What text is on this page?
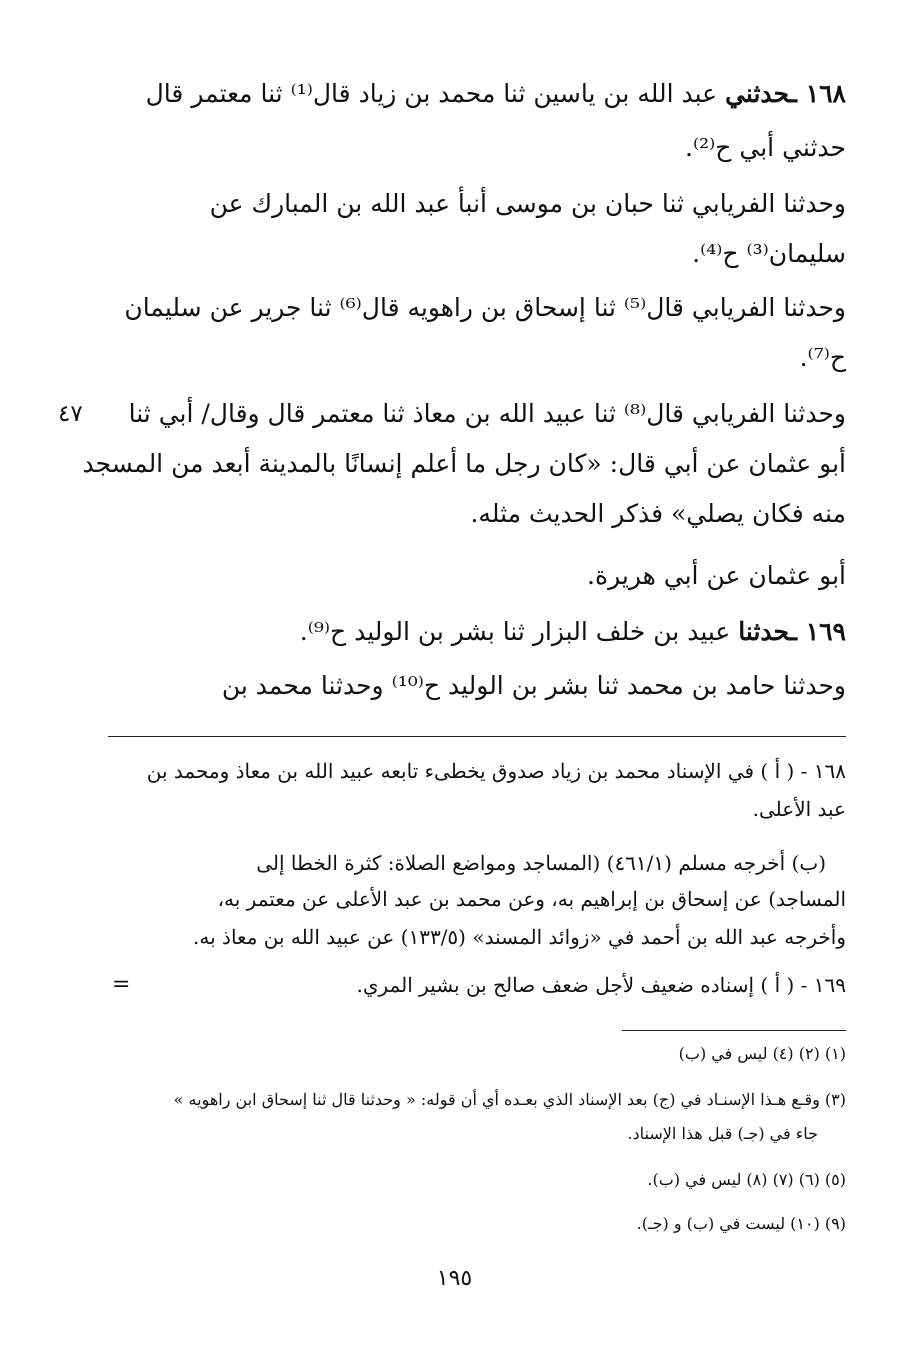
١٦٨ ـحدثني عبد الله بن ياسين ثنا محمد بن زياد قال⁽¹⁾ ثنا معتمر قال
حدثني أبي ح⁽²⁾.
وحدثنا الفريابي ثنا حبان بن موسى أنبأ عبد الله بن المبارك عن
سليمان⁽³⁾ ح⁽⁴⁾.
وحدثنا الفريابي قال⁽⁵⁾ ثنا إسحاق بن راهويه قال⁽⁶⁾ ثنا جرير عن سليمان
ح⁽⁷⁾.
٤٧	وحدثنا الفريابي قال⁽⁸⁾ ثنا عبيد الله بن معاذ ثنا معتمر قال وقال/ أبي ثنا
أبو عثمان عن أبي قال: «كان رجل ما أعلم إنسانًا بالمدينة أبعد من المسجد
منه فكان يصلي» فذكر الحديث مثله.
أبو عثمان عن أبي هريرة.
١٦٩ ـحدثنا عبيد بن خلف البزار ثنا بشر بن الوليد ح⁽⁹⁾.
وحدثنا حامد بن محمد ثنا بشر بن الوليد ح⁽¹⁰⁾ وحدثنا محمد بن
١٦٨ - ( أ ) في الإسناد محمد بن زياد صدوق يخطىء تابعه عبيد الله بن معاذ ومحمد بن
عبد الأعلى.
(ب) أخرجه مسلم (٤٦١/١) (المساجد ومواضع الصلاة: كثرة الخطا إلى
المساجد) عن إسحاق بن إبراهيم به، وعن محمد بن عبد الأعلى عن معتمر به،
وأخرجه عبد الله بن أحمد في «زوائد المسند» (١٣٣/٥) عن عبيد الله بن معاذ به.
١٦٩ - ( أ ) إسناده ضعيف لأجل ضعف صالح بن بشير المري.
=
(١) (٢) (٤) ليس في (ب)
(٣) وقـع هـذا الإسنـاد في (ج) بعد الإسناد الذي بعـده أي أن قوله: « وحدثنا قال ثنا إسحاق ابن راهويه »
جاء في (جـ) قبل هذا الإسناد.
(٥) (٦) (٧) (٨) ليس في (ب).
(٩) (١٠) ليست في (ب) و (جـ).
١٩٥
